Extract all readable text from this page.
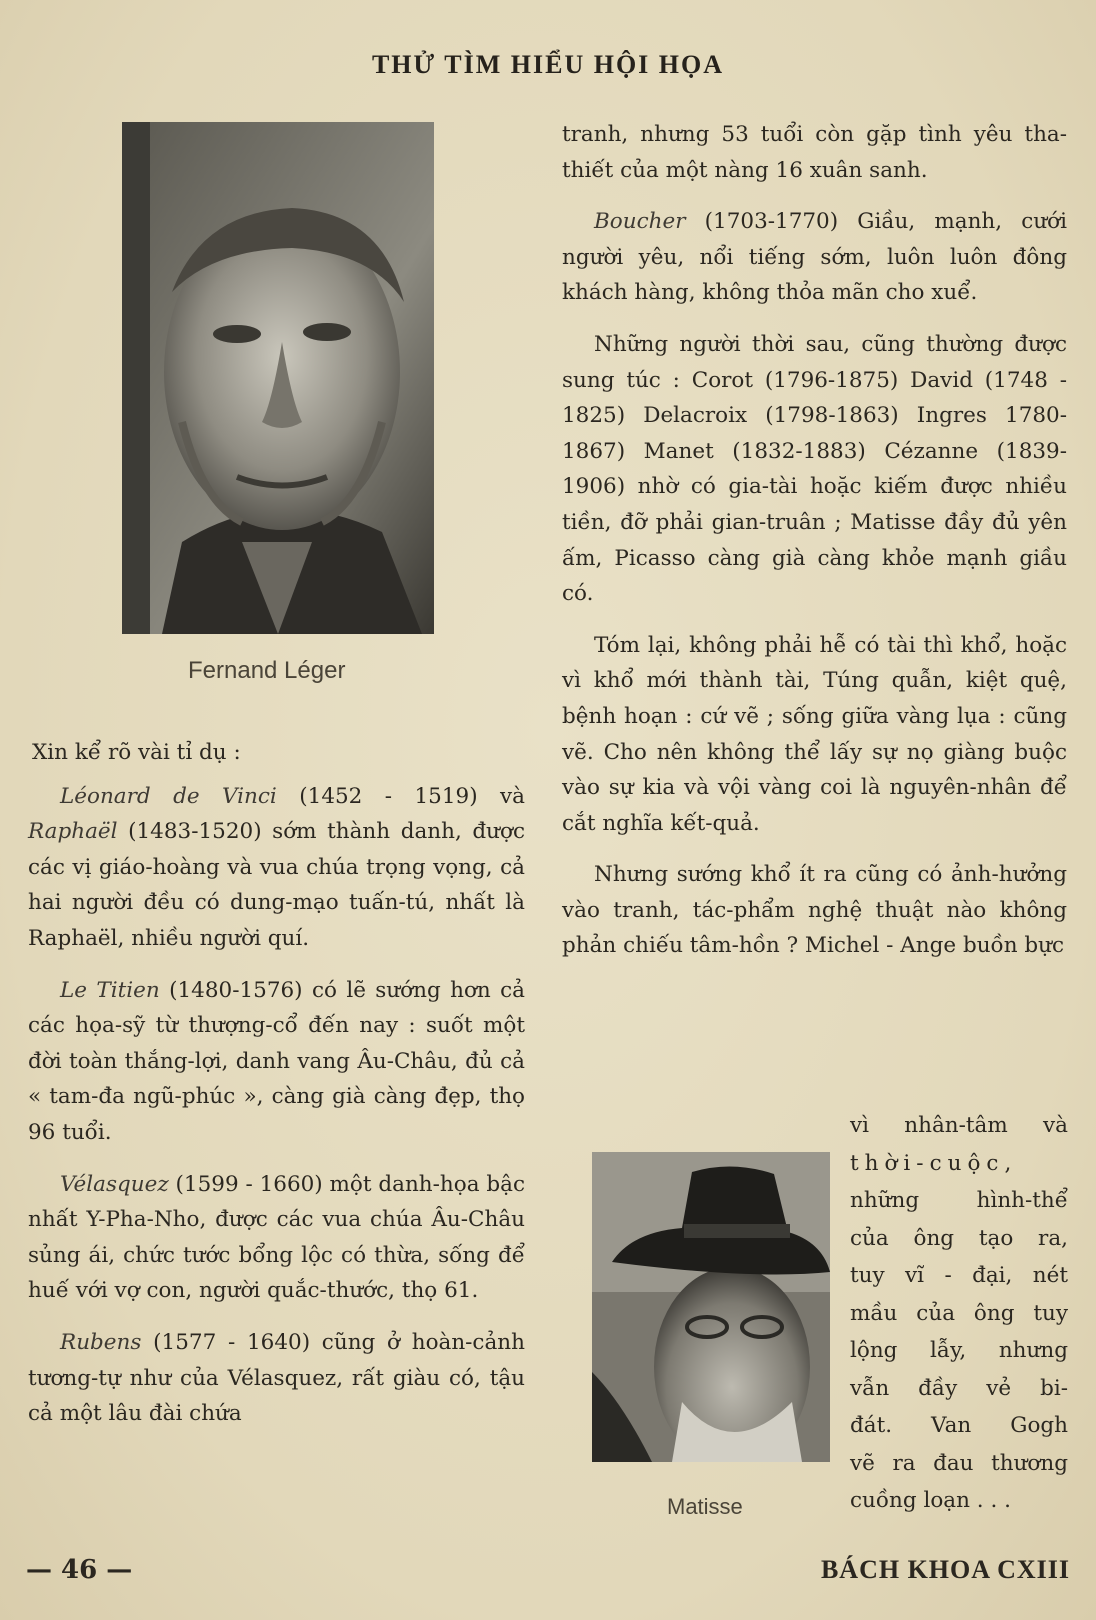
THỬ TÌM HIỂU HỘI HỌA
Fernand Léger

Xin kể rõ vài tỉ dụ :

Léonard de Vinci (1452 - 1519) và Raphaël (1483-1520) sớm thành danh, được các vị giáo-hoàng và vua chúa trọng vọng, cả hai người đều có dung-mạo tuấn-tú, nhất là Raphaël, nhiều người quí.

Le Titien (1480-1576) có lẽ sướng hơn cả các họa-sỹ từ thượng-cổ đến nay : suốt một đời toàn thắng-lợi, danh vang Âu-Châu, đủ cả « tam-đa ngũ-phúc », càng già càng đẹp, thọ 96 tuổi.

Vélasquez (1599 - 1660) một danh-họa bậc nhất Y-Pha-Nho, được các vua chúa Âu-Châu sủng ái, chức tước bổng lộc có thừa, sống để huế với vợ con, người quắc-thước, thọ 61.

Rubens (1577 - 1640) cũng ở hoàn-cảnh tương-tự như của Vélasquez, rất giàu có, tậu cả một lâu đài chứa

tranh, nhưng 53 tuổi còn gặp tình yêu tha-thiết của một nàng 16 xuân sanh.

Boucher (1703-1770) Giầu, mạnh, cưới người yêu, nổi tiếng sớm, luôn luôn đông khách hàng, không thỏa mãn cho xuể.

Những người thời sau, cũng thường được sung túc : Corot (1796-1875) David (1748 - 1825) Delacroix (1798-1863) Ingres 1780-1867) Manet (1832-1883) Cézanne (1839-1906) nhờ có gia-tài hoặc kiếm được nhiều tiền, đỡ phải gian-truân ; Matisse đầy đủ yên ấm, Picasso càng già càng khỏe mạnh giầu có.

Tóm lại, không phải hễ có tài thì khổ, hoặc vì khổ mới thành tài, Túng quẫn, kiệt quệ, bệnh hoạn : cứ vẽ ; sống giữa vàng lụa : cũng vẽ. Cho nên không thể lấy sự nọ giàng buộc vào sự kia và vội vàng coi là nguyên-nhân để cắt nghĩa kết-quả.

Nhưng sướng khổ ít ra cũng có ảnh-hưởng vào tranh, tác-phẩm nghệ thuật nào không phản chiếu tâm-hồn ? Michel - Ange buồn bực

Matisse
vì nhân-tâm và
thời-cuộc,
những hình-thể
của ông tạo ra,
tuy vĩ - đại, nét
mầu của ông tuy
lộng lẫy, nhưng
vẫn đầy vẻ bi-
đát. Van Gogh
vẽ ra đau thương
cuồng loạn . . .
— 46 —	BÁCH KHOA CXIII
